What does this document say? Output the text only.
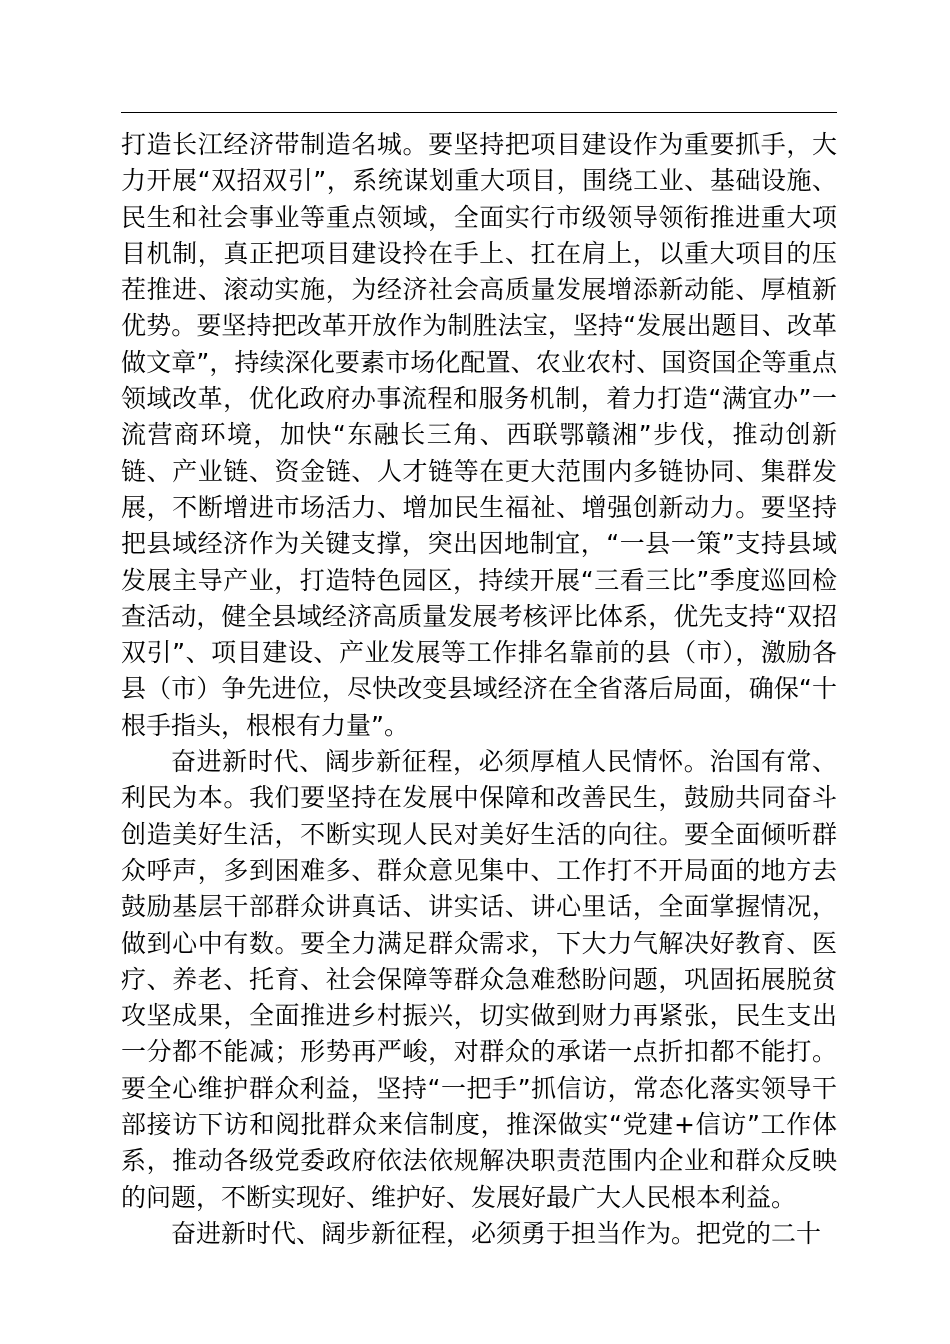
打造长江经济带制造名城。要坚持把项目建设作为重要抓手，大力开展“双招双引”，系统谋划重大项目，围绕工业、基础设施、民生和社会事业等重点领域，全面实行市级领导领衔推进重大项目机制，真正把项目建设拎在手上、扛在肩上，以重大项目的压茬推进、滚动实施，为经济社会高质量发展增添新动能、厚植新优势。要坚持把改革开放作为制胜法宝，坚持“发展出题目、改革做文章”，持续深化要素市场化配置、农业农村、国资国企等重点领域改革，优化政府办事流程和服务机制，着力打造“满宜办”一流营商环境，加快“东融长三角、西联鄂赣湘”步伐，推动创新链、产业链、资金链、人才链等在更大范围内多链协同、集群发展，不断增进市场活力、增加民生福祉、增强创新动力。要坚持把县域经济作为关键支撑，突出因地制宜，“一县一策”支持县域发展主导产业，打造特色园区，持续开展“三看三比”季度巡回检查活动，健全县域经济高质量发展考核评比体系，优先支持“双招双引”、项目建设、产业发展等工作排名靠前的县（市），激励各县（市）争先进位，尽快改变县域经济在全省落后局面，确保“十根手指头，根根有力量”。

奋进新时代、阔步新征程，必须厚植人民情怀。治国有常、利民为本。我们要坚持在发展中保障和改善民生，鼓励共同奋斗创造美好生活，不断实现人民对美好生活的向往。要全面倾听群众呼声，多到困难多、群众意见集中、工作打不开局面的地方去鼓励基层干部群众讲真话、讲实话、讲心里话，全面掌握情况，做到心中有数。要全力满足群众需求，下大力气解决好教育、医疗、养老、托育、社会保障等群众急难愁盼问题，巩固拓展脱贫攻坚成果，全面推进乡村振兴，切实做到财力再紧张，民生支出一分都不能减；形势再严峻，对群众的承诺一点折扣都不能打。要全心维护群众利益，坚持“一把手”抓信访，常态化落实领导干部接访下访和阅批群众来信制度，推深做实“党建+信访”工作体系，推动各级党委政府依法依规解决职责范围内企业和群众反映的问题，不断实现好、维护好、发展好最广大人民根本利益。

奋进新时代、阔步新征程，必须勇于担当作为。把党的二十
